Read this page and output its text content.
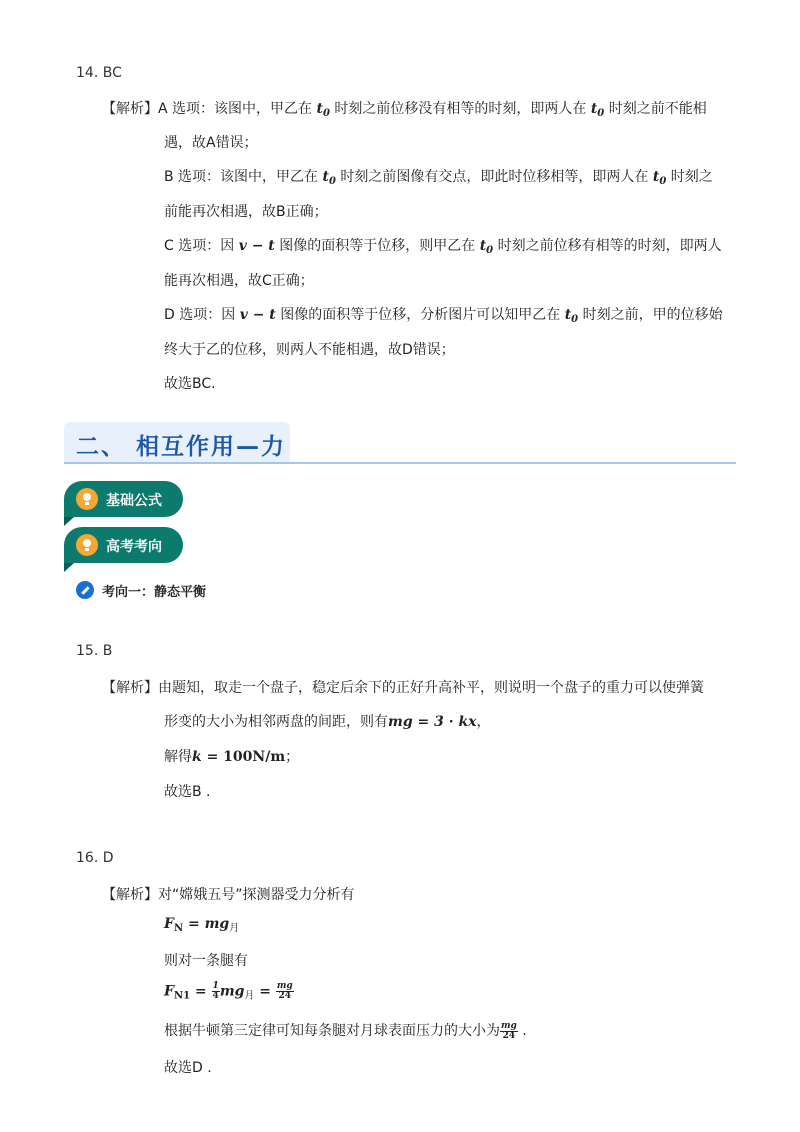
14. BC
【解析】A 选项：该图中，甲乙在 $t_0$ 时刻之前位移没有相等的时刻，即两人在 $t_0$ 时刻之前不能相
遇，故A错误；
B 选项：该图中，甲乙在 $t_0$ 时刻之前图像有交点，即此时位移相等，即两人在 $t_0$ 时刻之
前能再次相遇，故B正确；
C 选项：因 v − t 图像的面积等于位移，则甲乙在 $t_0$ 时刻之前位移有相等的时刻，即两人
能再次相遇，故C正确；
D 选项：因 v − t 图像的面积等于位移，分析图片可以知甲乙在 $t_0$ 时刻之前，甲的位移始
终大于乙的位移，则两人不能相遇，故D错误；
故选BC.
二、 相互作用—力
基础公式
高考考向
考向一：静态平衡
15. B
【解析】由题知，取走一个盘子，稳定后余下的正好升高补平，则说明一个盘子的重力可以使弹簧
形变的大小为相邻两盘的间距，则有mg = 3 · kx，
解得k = 100N/m；
故选B .
16. D
【解析】对“嫦娥五号”探测器受力分析有
$F_N = mg_月$
则对一条腿有
$F_{N1} = \frac{1}{4} mg_月 = \frac{mg}{24}$
根据牛顿第三定律可知每条腿对月球表面压力的大小为 $\frac{mg}{24}$ .
故选D .
